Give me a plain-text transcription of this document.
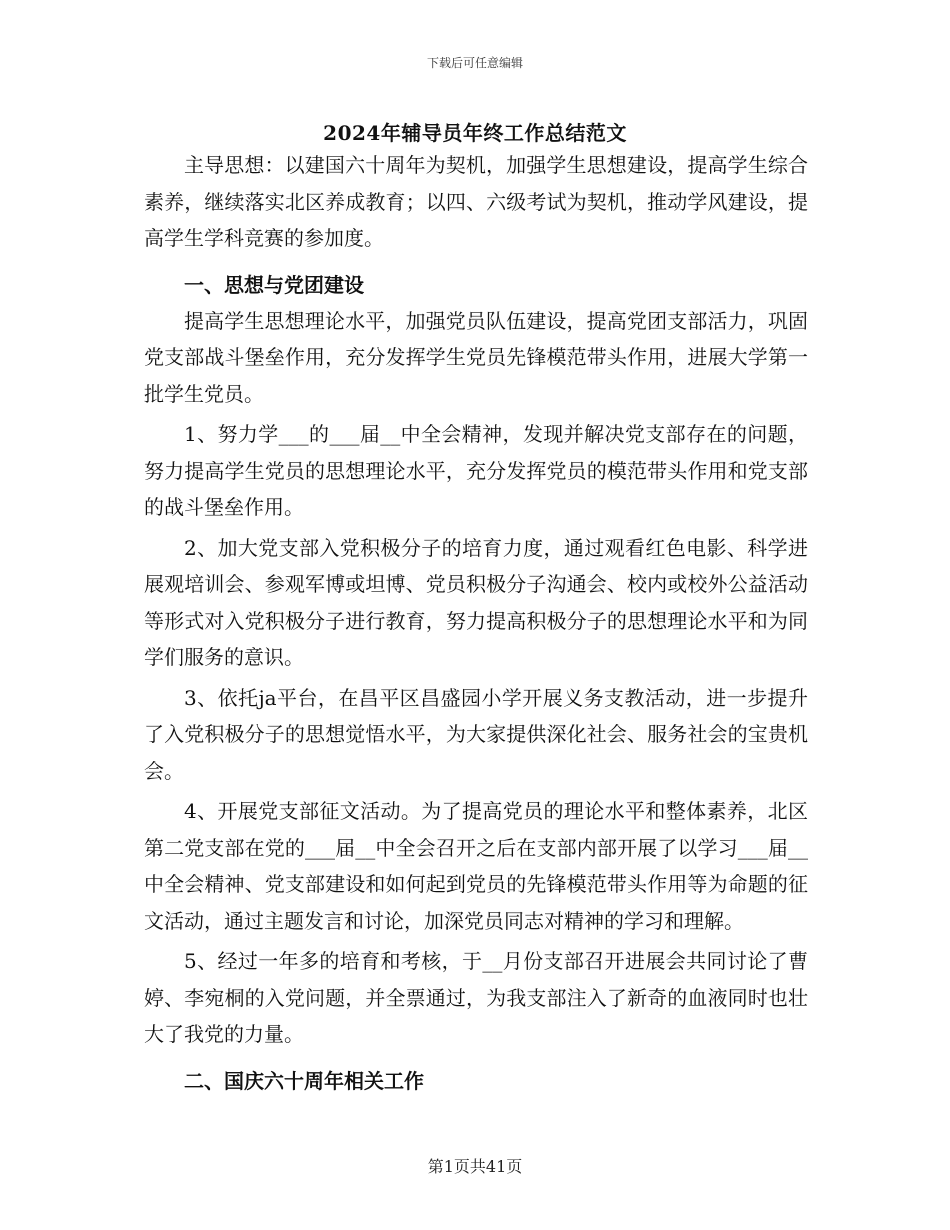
下载后可任意编辑
2024年辅导员年终工作总结范文

主导思想：以建国六十周年为契机，加强学生思想建设，提高学生综合素养，继续落实北区养成教育；以四、六级考试为契机，推动学风建设，提高学生学科竞赛的参加度。

一、思想与党团建设

提高学生思想理论水平，加强党员队伍建设，提高党团支部活力，巩固党支部战斗堡垒作用，充分发挥学生党员先锋模范带头作用，进展大学第一批学生党员。

1、努力学___的___届__中全会精神，发现并解决党支部存在的问题，努力提高学生党员的思想理论水平，充分发挥党员的模范带头作用和党支部的战斗堡垒作用。

2、加大党支部入党积极分子的培育力度，通过观看红色电影、科学进展观培训会、参观军博或坦博、党员积极分子沟通会、校内或校外公益活动等形式对入党积极分子进行教育，努力提高积极分子的思想理论水平和为同学们服务的意识。

3、依托ja平台，在昌平区昌盛园小学开展义务支教活动，进一步提升了入党积极分子的思想觉悟水平，为大家提供深化社会、服务社会的宝贵机会。

4、开展党支部征文活动。为了提高党员的理论水平和整体素养，北区第二党支部在党的___届__中全会召开之后在支部内部开展了以学习___届__中全会精神、党支部建设和如何起到党员的先锋模范带头作用等为命题的征文活动，通过主题发言和讨论，加深党员同志对精神的学习和理解。

5、经过一年多的培育和考核，于__月份支部召开进展会共同讨论了曹婷、李宛桐的入党问题，并全票通过，为我支部注入了新奇的血液同时也壮大了我党的力量。

二、国庆六十周年相关工作
第1页共41页
